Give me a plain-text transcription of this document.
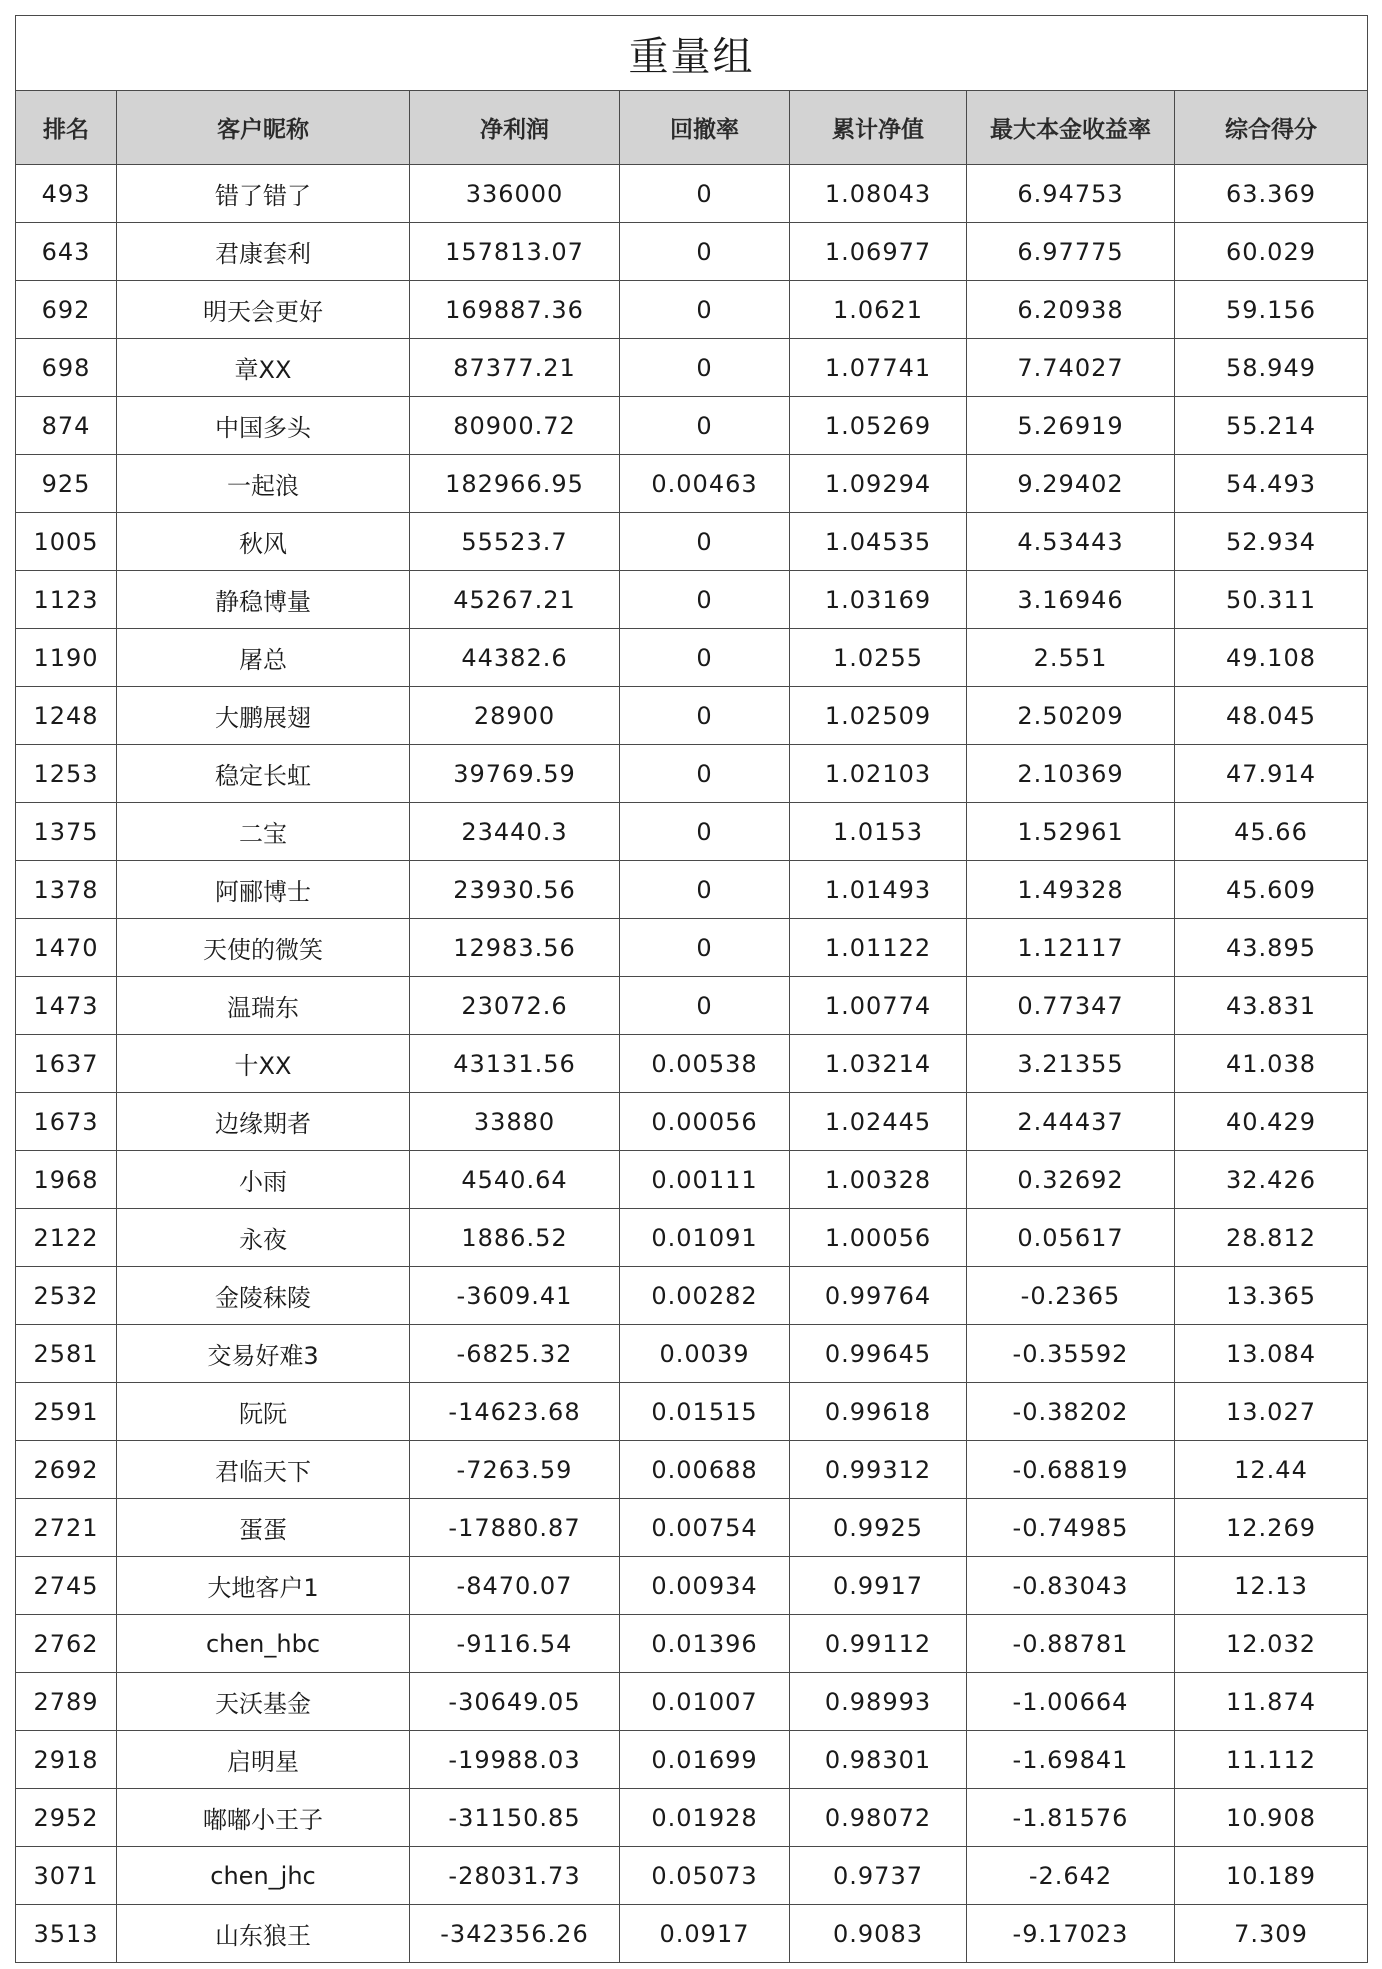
重量组						
排名	客户昵称	净利润	回撤率	累计净值	最大本金收益率	综合得分
493	错了错了	336000	0	1.08043	6.94753	63.369
643	君康套利	157813.07	0	1.06977	6.97775	60.029
692	明天会更好	169887.36	0	1.0621	6.20938	59.156
698	章XX	87377.21	0	1.07741	7.74027	58.949
874	中国多头	80900.72	0	1.05269	5.26919	55.214
925	一起浪	182966.95	0.00463	1.09294	9.29402	54.493
1005	秋风	55523.7	0	1.04535	4.53443	52.934
1123	静稳博量	45267.21	0	1.03169	3.16946	50.311
1190	屠总	44382.6	0	1.0255	2.551	49.108
1248	大鹏展翅	28900	0	1.02509	2.50209	48.045
1253	稳定长虹	39769.59	0	1.02103	2.10369	47.914
1375	二宝	23440.3	0	1.0153	1.52961	45.66
1378	阿郦博士	23930.56	0	1.01493	1.49328	45.609
1470	天使的微笑	12983.56	0	1.01122	1.12117	43.895
1473	温瑞东	23072.6	0	1.00774	0.77347	43.831
1637	十XX	43131.56	0.00538	1.03214	3.21355	41.038
1673	边缘期者	33880	0.00056	1.02445	2.44437	40.429
1968	小雨	4540.64	0.00111	1.00328	0.32692	32.426
2122	永夜	1886.52	0.01091	1.00056	0.05617	28.812
2532	金陵秣陵	-3609.41	0.00282	0.99764	-0.2365	13.365
2581	交易好难3	-6825.32	0.0039	0.99645	-0.35592	13.084
2591	阮阮	-14623.68	0.01515	0.99618	-0.38202	13.027
2692	君临天下	-7263.59	0.00688	0.99312	-0.68819	12.44
2721	蛋蛋	-17880.87	0.00754	0.9925	-0.74985	12.269
2745	大地客户1	-8470.07	0.00934	0.9917	-0.83043	12.13
2762	chen_hbc	-9116.54	0.01396	0.99112	-0.88781	12.032
2789	天沃基金	-30649.05	0.01007	0.98993	-1.00664	11.874
2918	启明星	-19988.03	0.01699	0.98301	-1.69841	11.112
2952	嘟嘟小王子	-31150.85	0.01928	0.98072	-1.81576	10.908
3071	chen_jhc	-28031.73	0.05073	0.9737	-2.642	10.189
3513	山东狼王	-342356.26	0.0917	0.9083	-9.17023	7.309
